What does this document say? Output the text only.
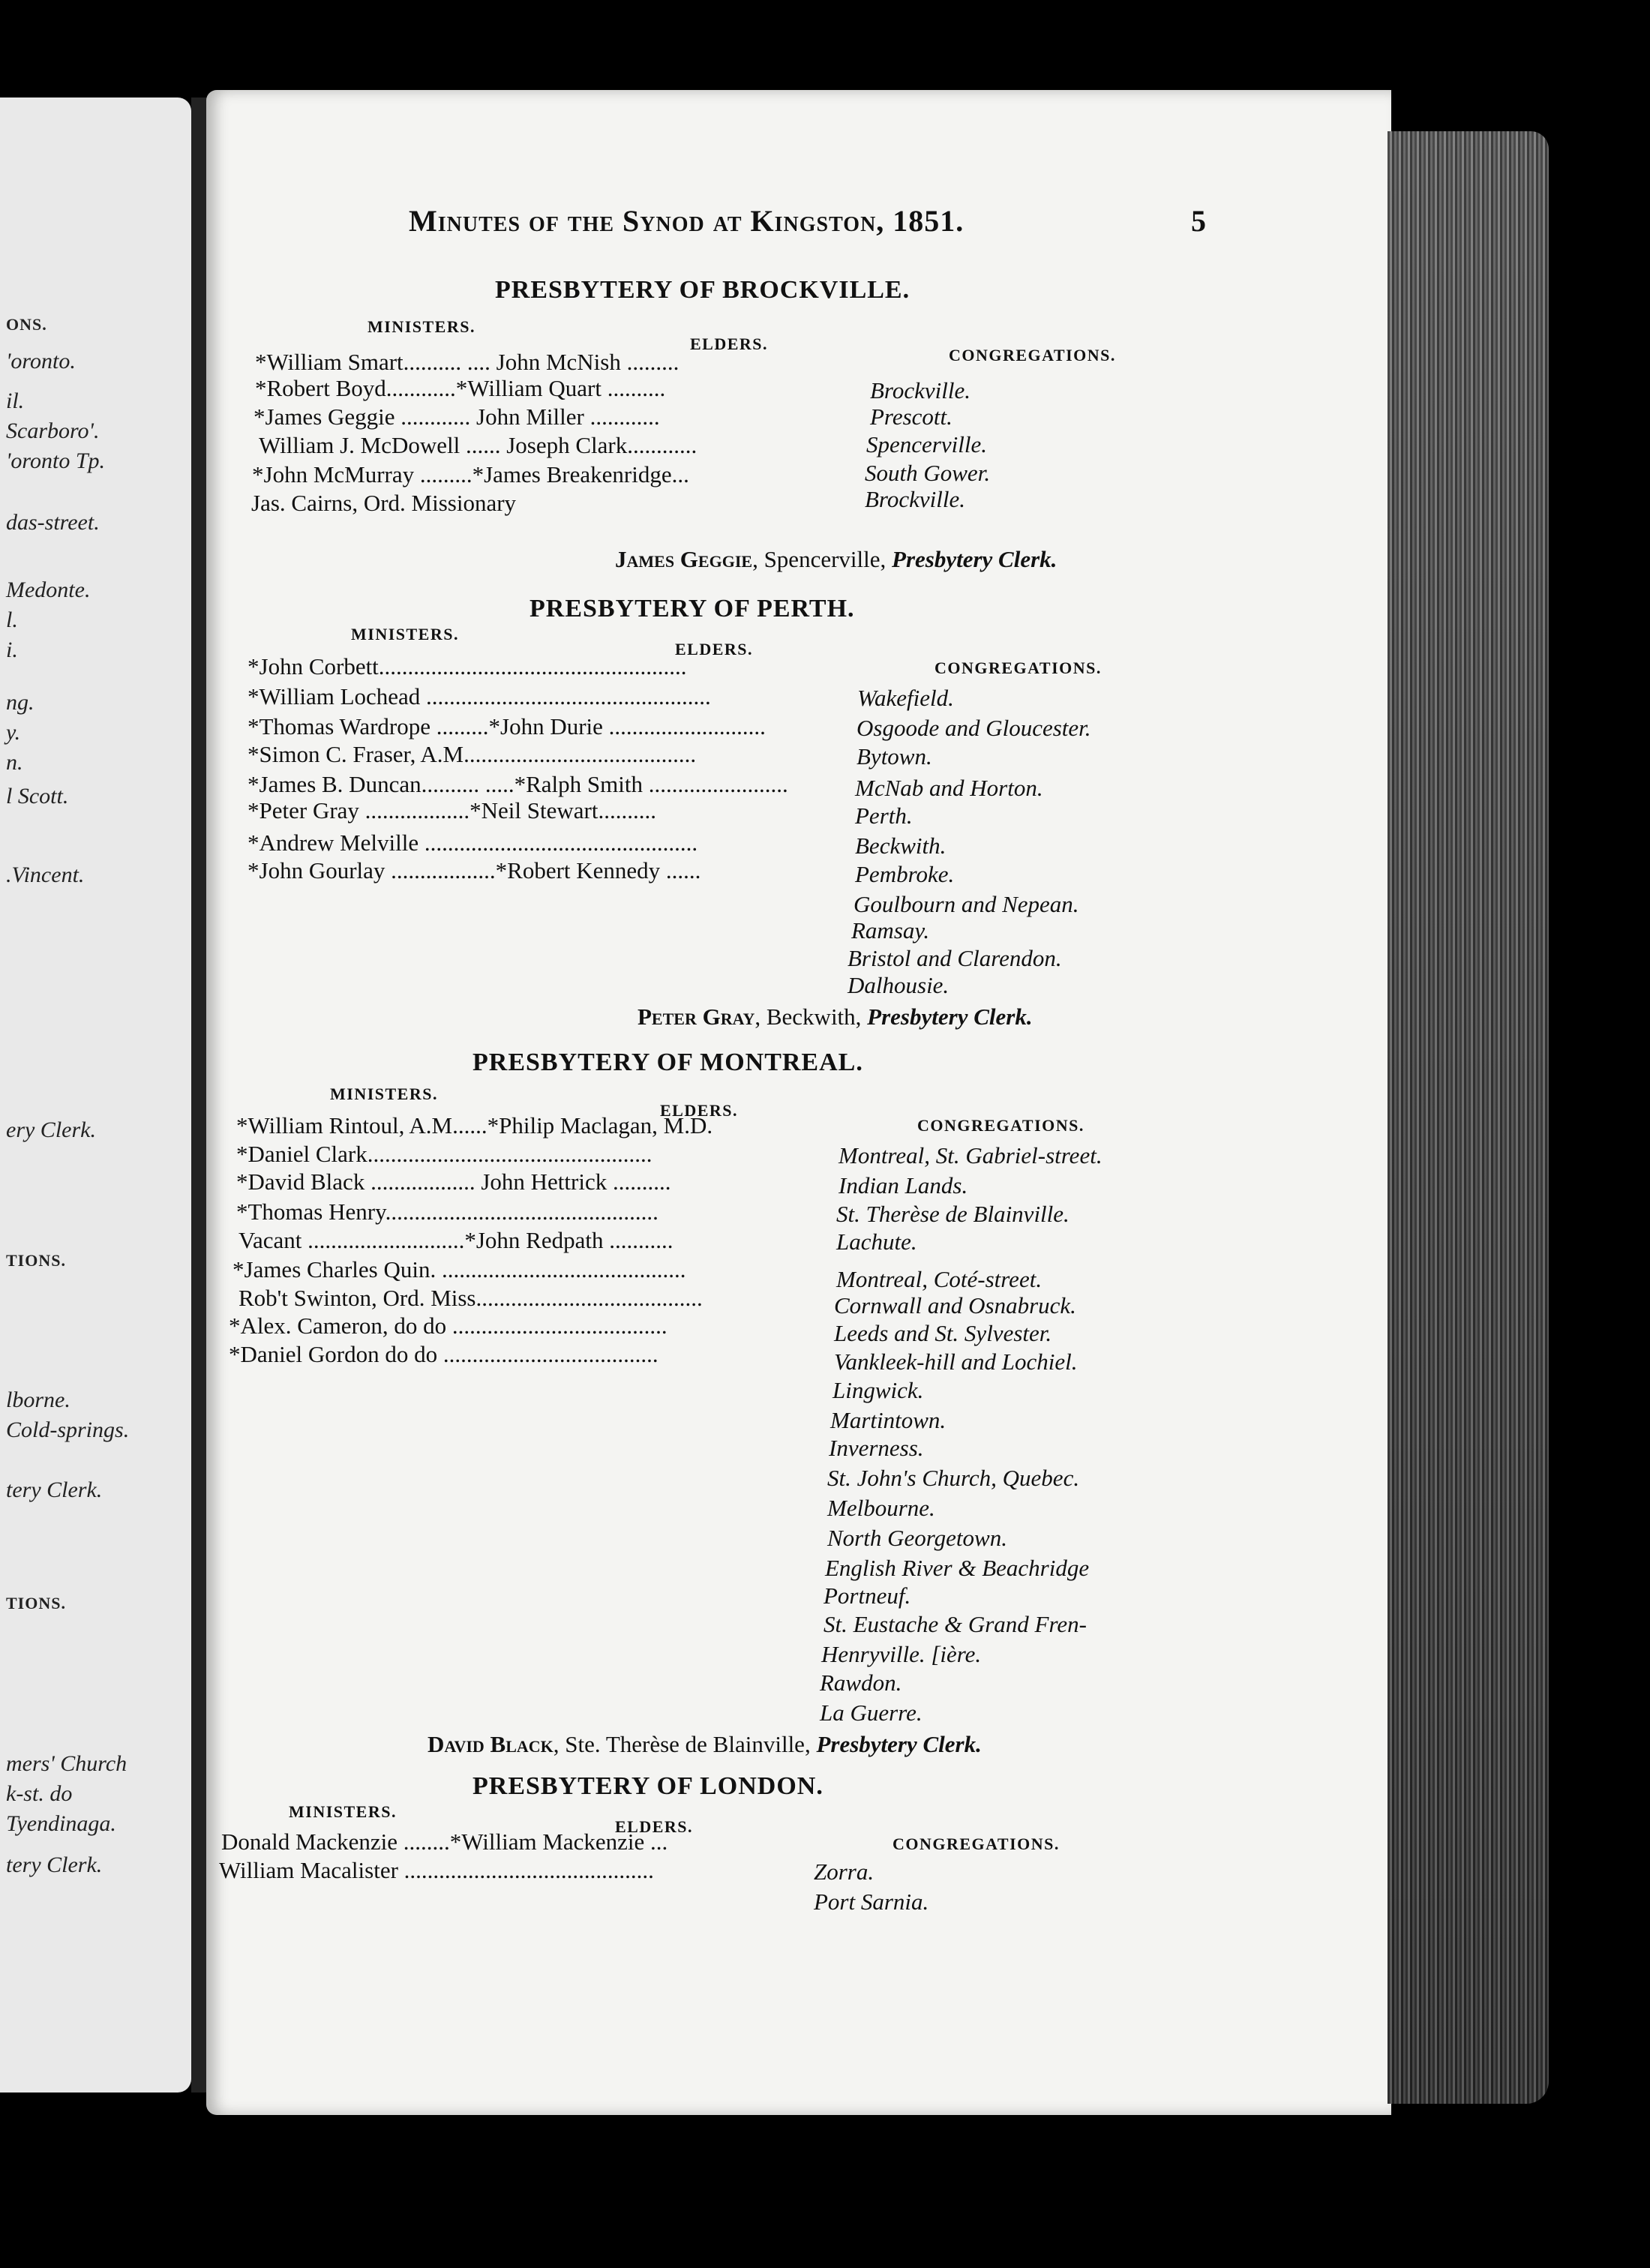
ONS.
'oronto.
il.
Scarboro'.
'oronto Tp.
das-street.
Medonte.
l.
i.
ng.
y.
n.
l Scott.
.Vincent.
ery Clerk.
TIONS.
lborne.
Cold-springs.
tery Clerk.
TIONS.
mers' Church
k-st. do
Tyendinaga.
tery Clerk.
Minutes of the Synod at Kingston, 1851.	5
PRESBYTERY OF BROCKVILLE.
MINISTERS.
ELDERS.
CONGREGATIONS.
*William Smart.......... .... John McNish .........
Brockville.
*Robert Boyd............*William Quart ..........
Prescott.
*James Geggie ............ John Miller ............
Spencerville.
William J. McDowell ...... Joseph Clark............
South Gower.
*John McMurray .........*James Breakenridge...
Brockville.
Jas. Cairns, Ord. Missionary
James Geggie, Spencerville, Presbytery Clerk.
PRESBYTERY OF PERTH.
MINISTERS.
ELDERS.
CONGREGATIONS.
*John Corbett.....................................................
Wakefield.
*William Lochead .................................................
Osgoode and Gloucester.
*Thomas Wardrope .........*John Durie ...........................
Bytown.
*Simon C. Fraser, A.M........................................
McNab and Horton.
*James B. Duncan.......... .....*Ralph Smith ........................
Perth.
*Peter Gray ..................*Neil Stewart..........
Beckwith.
*Andrew Melville ...............................................
Pembroke.
*John Gourlay ..................*Robert Kennedy ......
Goulbourn and Nepean.
Ramsay.
Bristol and Clarendon.
Dalhousie.
Peter Gray, Beckwith, Presbytery Clerk.
PRESBYTERY OF MONTREAL.
MINISTERS.
ELDERS.
CONGREGATIONS.
*William Rintoul, A.M......*Philip Maclagan, M.D.
Montreal, St. Gabriel-street.
*Daniel Clark.................................................
Indian Lands.
*David Black .................. John Hettrick ..........
St. Therèse de Blainville.
*Thomas Henry...............................................
Lachute.
Vacant ...........................*John Redpath ...........
Montreal, Coté-street.
*James Charles Quin. ..........................................
Cornwall and Osnabruck.
Rob't Swinton, Ord. Miss.......................................
Leeds and St. Sylvester.
*Alex. Cameron, do do .....................................
Vankleek-hill and Lochiel.
*Daniel Gordon do do .....................................
Lingwick.
Martintown.
Inverness.
St. John's Church, Quebec.
Melbourne.
North Georgetown.
English River & Beachridge
Portneuf.
St. Eustache & Grand Fren-
Henryville. [ière.
Rawdon.
La Guerre.
David Black, Ste. Therèse de Blainville, Presbytery Clerk.
PRESBYTERY OF LONDON.
MINISTERS.
ELDERS.
CONGREGATIONS.
Donald Mackenzie ........*William Mackenzie ...
Zorra.
William Macalister ...........................................
Port Sarnia.
